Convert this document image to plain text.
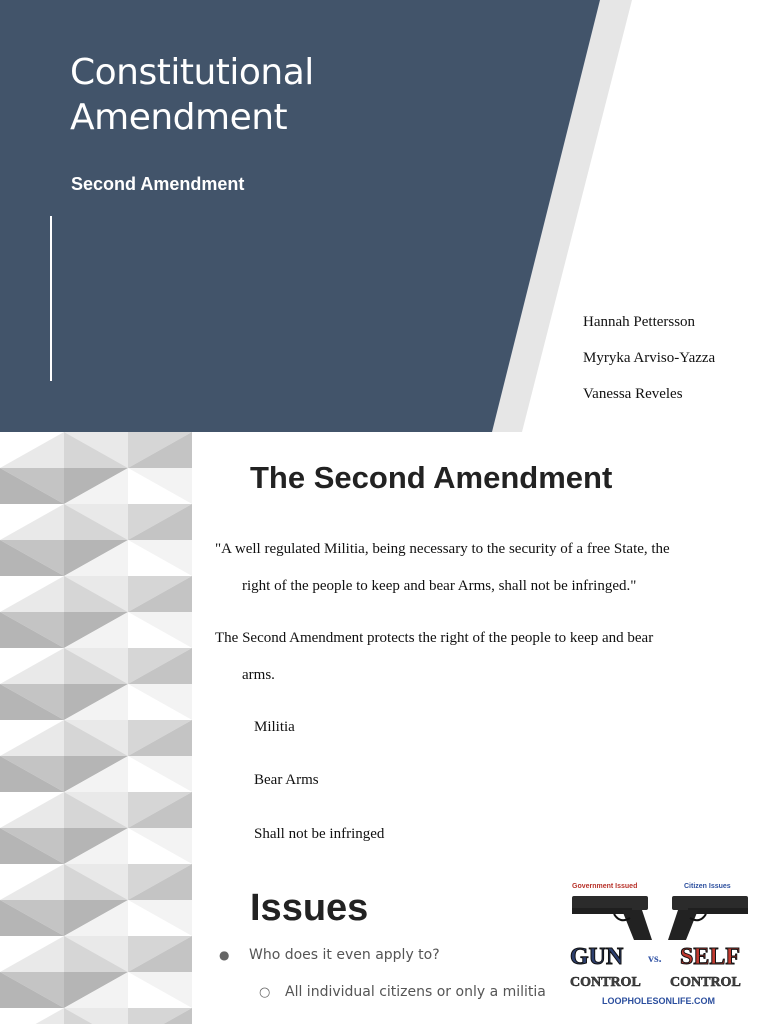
Constitutional
Amendment
Second Amendment
Hannah Pettersson
Myryka Arviso-Yazza
Vanessa Reveles
The Second Amendment
"A well regulated Militia, being necessary to the security of a free State, the
right of the people to keep and bear Arms, shall not be infringed."
The Second Amendment protects the right of the people to keep and bear
arms.
Militia
Bear Arms
Shall not be infringed
Issues
● Who does it even apply to?
○ All individual citizens or only a militia
Government Issued	Citizen Issues
GUN vs. SELF
CONTROL CONTROL
LOOPHOLESONLIFE.COM
